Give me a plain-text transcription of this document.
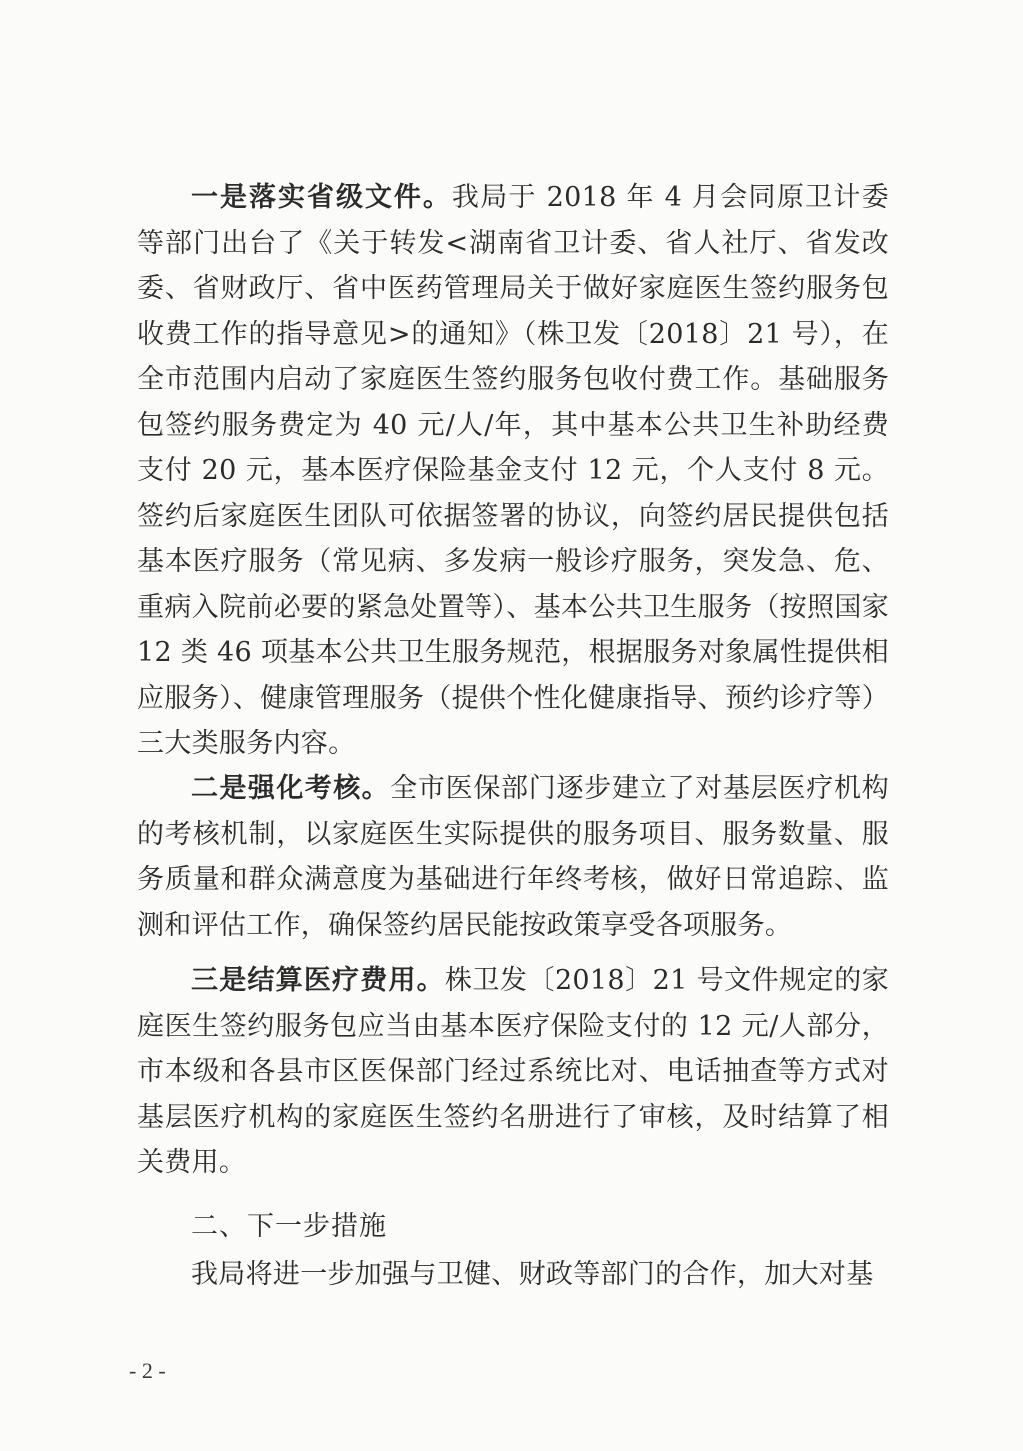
一是落实省级文件。我局于 2018 年 4 月会同原卫计委等部门出台了《关于转发<湖南省卫计委、省人社厅、省发改委、省财政厅、省中医药管理局关于做好家庭医生签约服务包收费工作的指导意见>的通知》（株卫发〔2018〕21 号），在全市范围内启动了家庭医生签约服务包收付费工作。基础服务包签约服务费定为 40 元/人/年，其中基本公共卫生补助经费支付 20 元，基本医疗保险基金支付 12 元，个人支付 8 元。签约后家庭医生团队可依据签署的协议，向签约居民提供包括基本医疗服务（常见病、多发病一般诊疗服务，突发急、危、重病入院前必要的紧急处置等）、基本公共卫生服务（按照国家 12 类 46 项基本公共卫生服务规范，根据服务对象属性提供相应服务）、健康管理服务（提供个性化健康指导、预约诊疗等）三大类服务内容。

二是强化考核。全市医保部门逐步建立了对基层医疗机构的考核机制，以家庭医生实际提供的服务项目、服务数量、服务质量和群众满意度为基础进行年终考核，做好日常追踪、监测和评估工作，确保签约居民能按政策享受各项服务。

三是结算医疗费用。株卫发〔2018〕21 号文件规定的家庭医生签约服务包应当由基本医疗保险支付的 12 元/人部分，市本级和各县市区医保部门经过系统比对、电话抽查等方式对基层医疗机构的家庭医生签约名册进行了审核，及时结算了相关费用。

二、下一步措施

我局将进一步加强与卫健、财政等部门的合作，加大对基

- 2 -
